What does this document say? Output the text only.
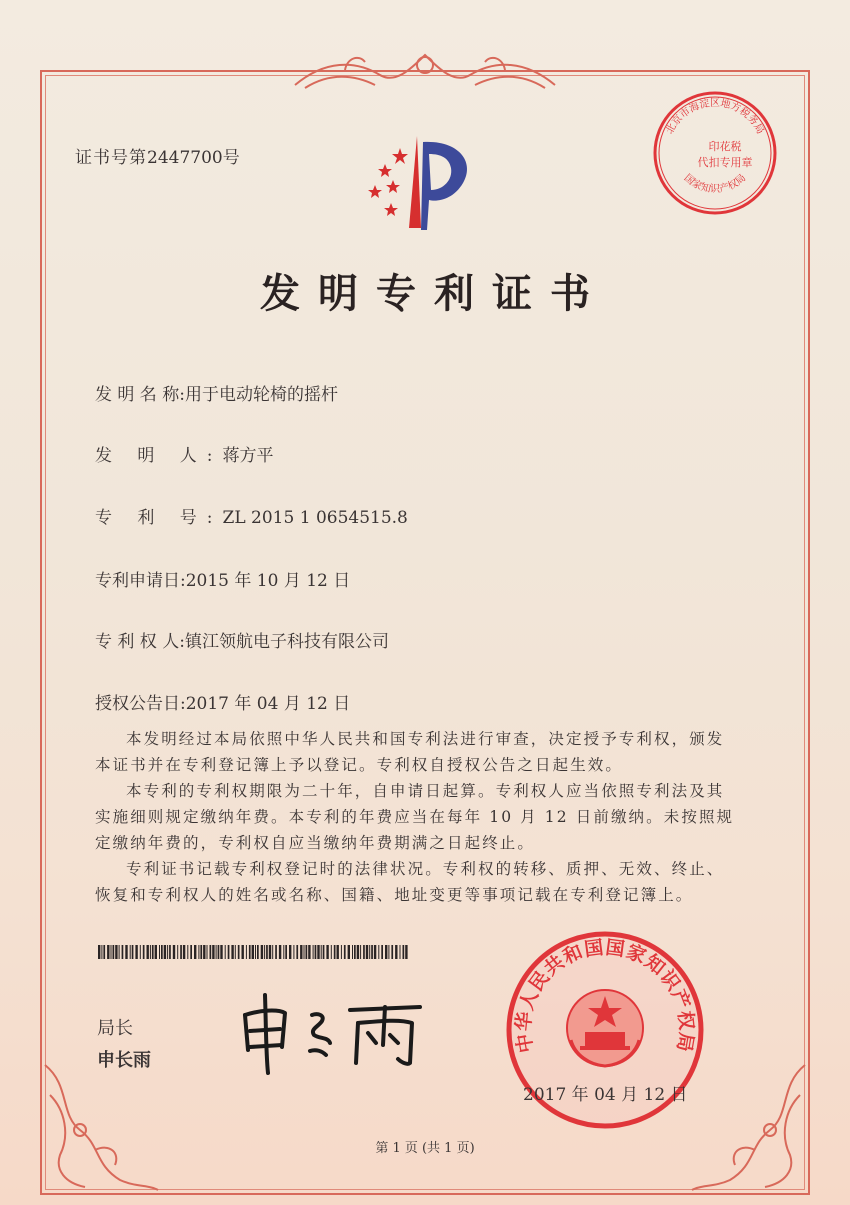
证书号第2447700号
北京市海淀区地方税务局
印花税
代扣专用章
国家知识产权局
发明专利证书
发 明 名 称:用于电动轮椅的摇杆
发 明 人:蒋方平
专 利 号:ZL 2015 1 0654515.8
专利申请日:2015 年 10 月 12 日
专 利 权 人:镇江领航电子科技有限公司
授权公告日:2017 年 04 月 12 日

本发明经过本局依照中华人民共和国专利法进行审查，决定授予专利权，颁发本证书并在专利登记簿上予以登记。专利权自授权公告之日起生效。

本专利的专利权期限为二十年，自申请日起算。专利权人应当依照专利法及其实施细则规定缴纳年费。本专利的年费应当在每年 10 月 12 日前缴纳。未按照规定缴纳年费的，专利权自应当缴纳年费期满之日起终止。

专利证书记载专利权登记时的法律状况。专利权的转移、质押、无效、终止、恢复和专利权人的姓名或名称、国籍、地址变更等事项记载在专利登记簿上。

局长
申长雨
中华人民共和国国家知识产权局
2017 年 04 月 12 日
第 1 页 (共 1 页)
